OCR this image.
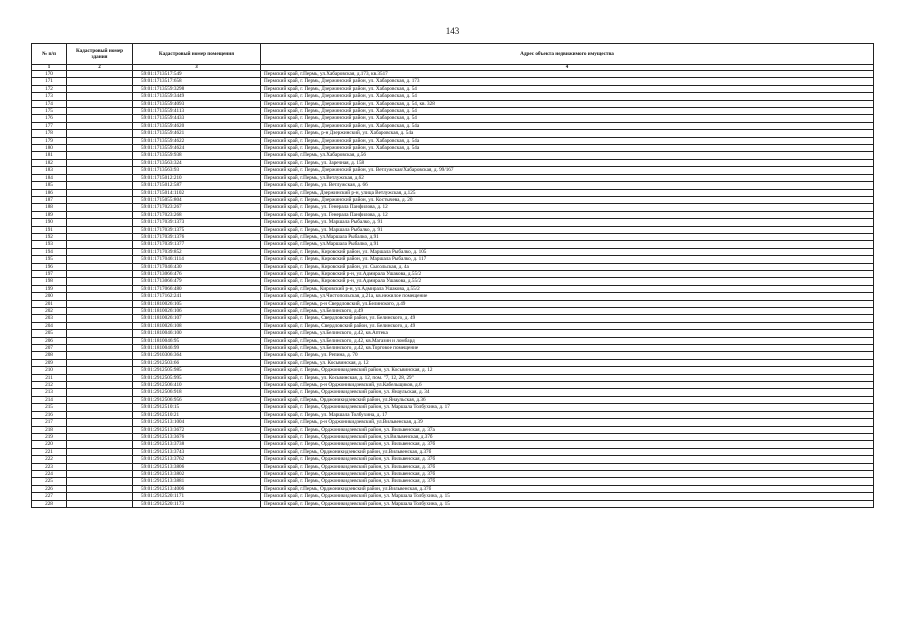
143
№ п/п	Кадастровый номер здания	Кадастровый номер помещения	Адрес объекта недвижимого имущества
1	2	3	4
170		59:01:1713517:549	Пермский край, г.Пермь, ул.Хабаровская, д.173, кв.3517
171		59:01:1713517:658	Пермский край, г. Пермь, Дзержинский район, ул. Хабаровская, д. 173
172		59:01:1713559:3298	Пермский край, г. Пермь, Дзержинский район, ул. Хабаровская, д. 54
173		59:01:1713559:3449	Пермский край, г. Пермь, Дзержинский район, ул. Хабаровская, д. 54
174		59:01:1713559:4093	Пермский край, г. Пермь, Дзержинский район, ул. Хабаровская, д. 54, кв. 328
175		59:01:1713559:4113	Пермский край, г. Пермь, Дзержинский район, ул. Хабаровская, д. 54
176		59:01:1713559:4433	Пермский край, г. Пермь, Дзержинский район, ул. Хабаровская, д. 54
177		59:01:1713559:4620	Пермский край, г. Пермь, Дзержинский район, ул. Хабаровская, д. 54а
178		59:01:1713559:4621	Пермский край, г. Пермь, р-н Дзержинский, ул. Хабаровская, д. 54а
179		59:01:1713559:4622	Пермский край, г. Пермь, Дзержинский район, ул. Хабаровская, д. 54а
180		59:01:1713559:4624	Пермский край, г. Пермь, Дзержинский район, ул. Хабаровская, д. 54а
181		59:01:1713559:938	Пермский край, г.Пермь, ул.Хабаровская, д.56
182		59:01:1713563:324	Пермский край, г. Пермь, ул. Заречная, д. 158
183		59:01:1713563:93	Пермский край, г. Пермь, Дзержинский район, ул. Ветлужская/Хабаровская, д. 99/167
184		59:01:1715012:210	Пермский край, г.Пермь, ул.Ветлужская, д.62
185		59:01:1715012:587	Пермский край, г. Пермь, ул. Ветлужская, д. 66
186		59:01:1715014:1102	Пермский край, г.Пермь, Дзержинский р-н, улица Ветлужская, д.125
187		59:01:1715055:804	Пермский край, г. Пермь, Дзержинский район, ул. Костычева, д. 20
188		59:01:1717023:267	Пермский край, г. Пермь, ул. Генерала Панфилова, д. 12
189		59:01:1717023:268	Пермский край, г. Пермь, ул. Генерала Панфилова, д. 12
190		59:01:1717039:1373	Пермский край, г. Пермь, ул. Маршала Рыбалко, д. 91
191		59:01:1717039:1375	Пермский край, г. Пермь, ул. Маршала Рыбалко, д. 91
192		59:01:1717039:1376	Пермский край, г.Пермь, ул.Маршала Рыбалко, д.91
193		59:01:1717039:1377	Пермский край, г.Пермь, ул.Маршала Рыбалко, д.91
194		59:01:1717039:852	Пермский край, г. Пермь, Кировский район, ул. Маршала Рыбалко, д. 105
195		59:01:1717046:1114	Пермский край, г. Пермь, Кировский район, ул. Маршала Рыбалко, д. 117
196		59:01:1717046:430	Пермский край, г. Пермь, Кировский район, ул. Сысольская, д. 4а
197		59:01:1713066:476	Пермский край, г. Пермь, Кировский р-н, ул.Адмирала Ушакова, д.55/2
198		59:01:1713066:479	Пермский край, г. Пермь, Кировский р-н, ул.Адмирала Ушакова, д.55/2
199		59:01:1717066:480	Пермский край, г.Пермь, Кировский р-н, ул.Адмирала Ушакова, д.55/2
200		59:01:1717162:241	Пермский край, г.Пермь, ул.Чистопольская, д.21а, кв.нежилое помещение
201		59:01:1810026:105	Пермский край, г.Пермь, р-н Свердловский, ул.Белинского, д.49
202		59:01:1810026:106	Пермский край, г.Пермь, ул.Белинского, д.49
203		59:01:1810026:107	Пермский край, г. Пермь, Свердловский район, ул. Белинского, д. 49
204		59:01:1810026:108	Пермский край, г. Пермь, Свердловский район, ул. Белинского, д. 49
205		59:01:1810046:100	Пермский край, г.Пермь, ул.Белинского, д.42, кв.Аптека
206		59:01:1810046:95	Пермский край, г.Пермь, ул.Белинского, д.42, кв.Магазин и ломбард
207		59:01:1810046:99	Пермский край, г.Пермь, ул.Белинского, д.42, кв.Торговое помещение
208		59:01:2910306:364	Пермский край, г. Пермь, ул. Репина, д. 70
209		59:01:2912503:66	Пермский край, г.Пермь, ул. Косьвинская, д. 12
210		59:01:2912505:985	Пермский край, г. Пермь, Орджоникидзевский район, ул. Косьвинская, д. 12
211		59:01:2912505:995	Пермский край, г. Пермь, ул. Косьвинская, д. 12, пом. "7, 12, 28, 29"
212		59:01:2912506:410	Пермский край, г.Пермь, р-н Орджоникидзевский, ул.Кабельщиков, д.6
213		59:01:2912506:918	Пермский край, г. Пермь, Орджоникидзевский район, ул. Янаульская, д. 34
214		59:01:2912506:956	Пермский край, г.Пермь, Орджоникидзевский район, ул.Янаульская, д.36
215		59:01:2912510:15	Пермский край, г. Пермь, Орджоникидзевский район, ул. Маршала Толбухина, д. 17
216		59:01:2912510:21	Пермский край, г. Пермь, ул. Маршала Толбухина, д. 17
217		59:01:2912513:1004	Пермский край, г.Пермь, р-н Орджоникидзевский, ул.Вильвенская, д.39
218		59:01:2912513:3672	Пермский край, г. Пермь, Орджоникидзевский район, ул. Вильвенская, д. 37а
219		59:01:2912513:3676	Пермский край, г. Пермь, Орджоникидзевский район, ул.Вильвенская, д.37б
220		59:01:2912513:3738	Пермский край, г. Пермь, Орджоникидзевский район, ул. Вильвенская, д. 37б
221		59:01:2912513:3743	Пермский край, г.Пермь, Орджоникидзевский район, ул.Вильвенская, д.37б
222		59:01:2912513:3762	Пермский край, г. Пермь, Орджоникидзевский район, ул. Вильвенская, д. 37б
223		59:01:2912513:3806	Пермский край, г. Пермь, Орджоникидзевский район, ул. Вильвенская, д. 37б
224		59:01:2912513:3802	Пермский край, г. Пермь, Орджоникидзевский район, ул. Вильвенская, д. 37б
225		59:01:2912513:3881	Пермский край, г. Пермь, Орджоникидзевский район, ул. Вильвенская, д. 37б
226		59:01:2912513:4006	Пермский край, г.Пермь, Орджоникидзевский район, ул.Вильвенская, д.37б
227		59:01:2912520:1171	Пермский край, г. Пермь, Орджоникидзевский район, ул. Маршала Толбухина, д. 15
228		59:01:2912520:1173	Пермский край, г. Пермь, Орджоникидзевский район, ул. Маршала Толбухина, д. 15
